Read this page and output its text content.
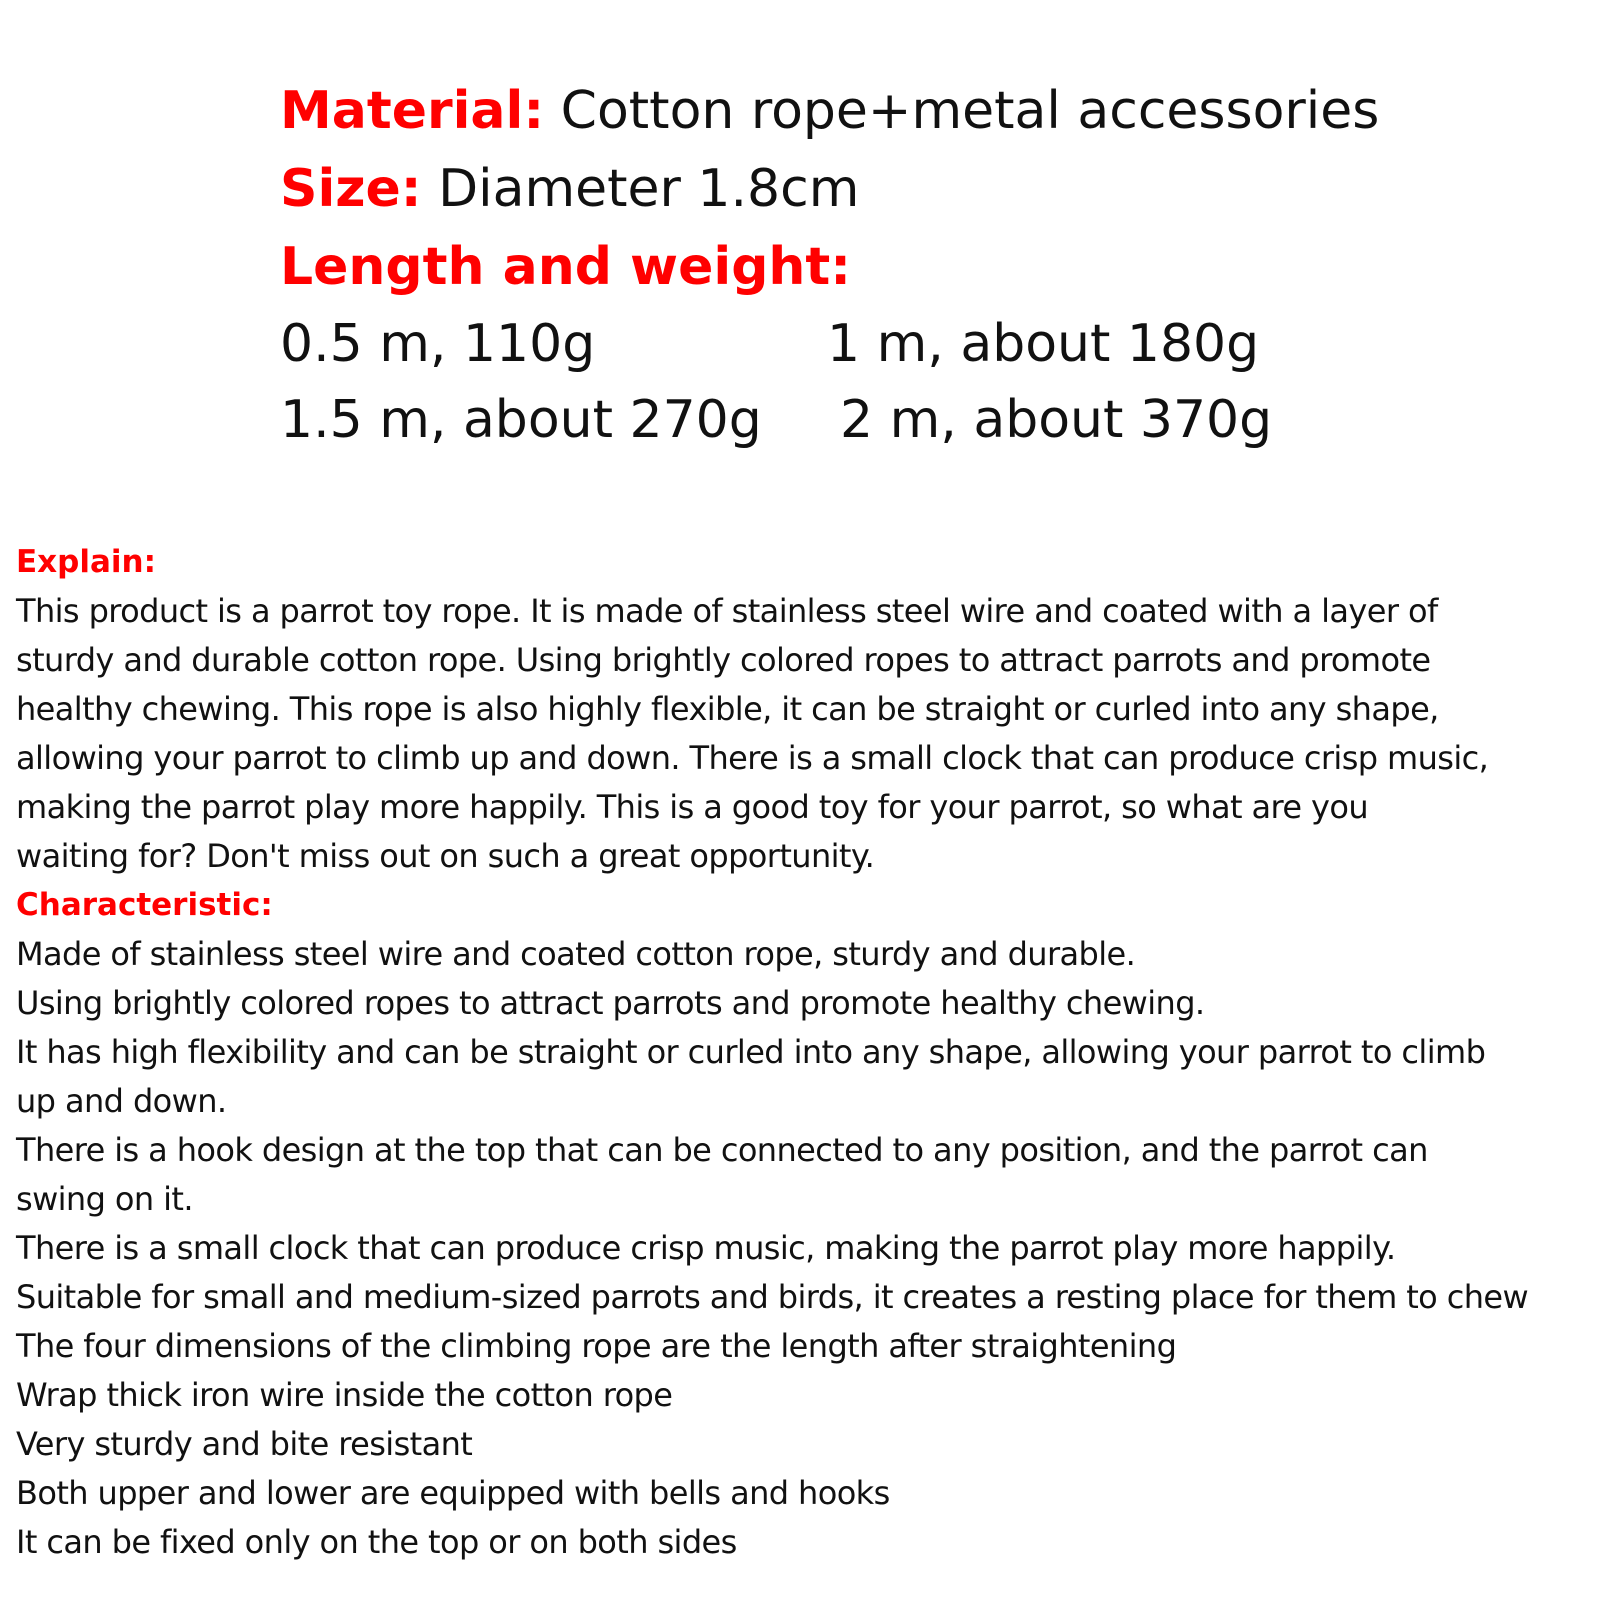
Material: Cotton rope+metal accessories
Size: Diameter 1.8cm
Length and weight:
0.5 m, 110g	1 m, about 180g
1.5 m, about 270g 2 m, about 370g
Explain:
This product is a parrot toy rope. It is made of stainless steel wire and coated with a layer of
sturdy and durable cotton rope. Using brightly colored ropes to attract parrots and promote
healthy chewing. This rope is also highly flexible, it can be straight or curled into any shape,
allowing your parrot to climb up and down. There is a small clock that can produce crisp music,
making the parrot play more happily. This is a good toy for your parrot, so what are you
waiting for? Don't miss out on such a great opportunity.
Characteristic:
Made of stainless steel wire and coated cotton rope, sturdy and durable.
Using brightly colored ropes to attract parrots and promote healthy chewing.
It has high flexibility and can be straight or curled into any shape, allowing your parrot to climb
up and down.
There is a hook design at the top that can be connected to any position, and the parrot can
swing on it.
There is a small clock that can produce crisp music, making the parrot play more happily.
Suitable for small and medium-sized parrots and birds, it creates a resting place for them to chew
The four dimensions of the climbing rope are the length after straightening
Wrap thick iron wire inside the cotton rope
Very sturdy and bite resistant
Both upper and lower are equipped with bells and hooks
It can be fixed only on the top or on both sides
